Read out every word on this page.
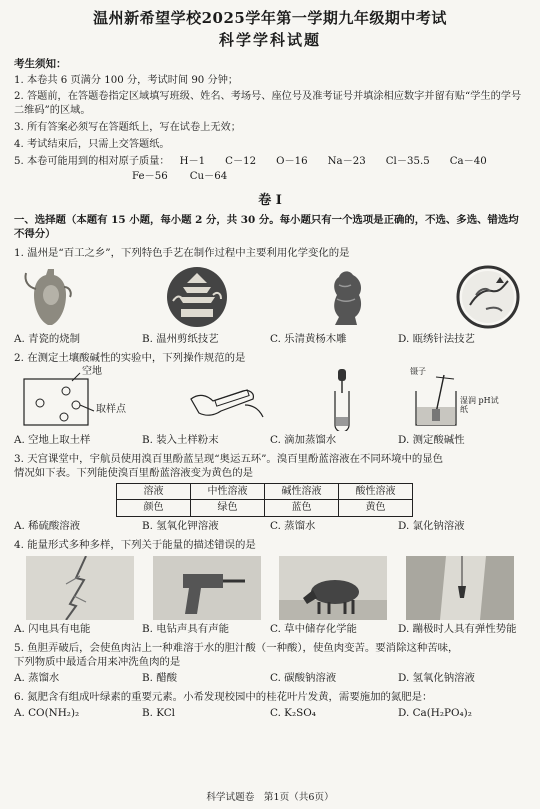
温州新希望学校2025学年第一学期九年级期中考试
科学学科试题
考生须知：
1. 本卷共 6 页满分 100 分，考试时间 90 分钟；
2. 答题前，在答题卷指定区域填写班级、姓名、考场号、座位号及准考证号并填涂相应数字并留有贴“学生的学号二维码”的区域。
3. 所有答案必须写在答题纸上，写在试卷上无效；
4. 考试结束后，只需上交答题纸。
5. 本卷可能用到的相对原子质量： H－1 C－12 O－16 Na－23 Cl－35.5 Ca－40
Fe－56 Cu－64
卷 Ⅰ
一、选择题（本题有 15 小题，每小题 2 分，共 30 分。每小题只有一个选项是正确的，不选、多选、错选均不得分）
1. 温州是“百工之乡”，下列特色手艺在制作过程中主要利用化学变化的是
A. 青瓷的烧制	B. 温州剪纸技艺	C. 乐清黄杨木雕	D. 瓯绣针法技艺
2. 在测定土壤酸碱性的实验中，下列操作规范的是
空地
取样点
镊子
湿润 pH试纸
A. 空地上取土样	B. 装入土样粉末	C. 滴加蒸馏水	D. 测定酸碱性
3. 天宫课堂中，宇航员使用溴百里酚蓝呈现“奥运五环”。溴百里酚蓝溶液在不同环境中的显色
情况如下表。下列能使溴百里酚蓝溶液变为黄色的是
溶液	中性溶液	碱性溶液	酸性溶液
颜色	绿色	蓝色	黄色
A. 稀硫酸溶液	B. 氢氧化钾溶液	C. 蒸馏水	D. 氯化钠溶液
4. 能量形式多种多样，下列关于能量的描述错误的是
A. 闪电具有电能	B. 电钻声具有声能	C. 草中储存化学能	D. 蹦极时人具有弹性势能
5. 鱼胆弄破后，会使鱼肉沾上一种难溶于水的胆汁酸（一种酸），使鱼肉变苦。要消除这种苦味，
下列物质中最适合用来冲洗鱼肉的是
A. 蒸馏水	B. 醋酸	C. 碳酸钠溶液	D. 氢氧化钠溶液
6. 氮肥含有组成叶绿素的重要元素。小希发现校园中的桂花叶片发黄，需要施加的氮肥是：
A. CO(NH₂)₂	B. KCl	C. K₂SO₄	D. Ca(H₂PO₄)₂
科学试题卷　第1页（共6页）
